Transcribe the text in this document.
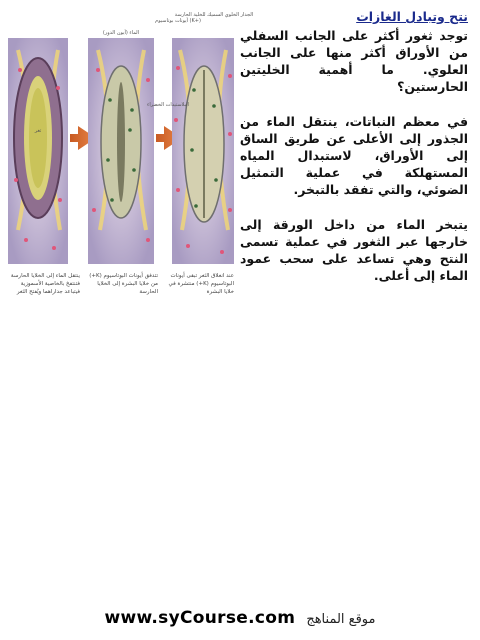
ثغر
الماء (أيون الدور)
أيونات بوتاسيوم (K+)
الجدار الخلوي السميك للخلية الحارسة
البلاستيدات الخضراء
ينتقل الماء إلى الخلايا الحارسة فتنتفخ بالخاصية الأسموزية فيتباعد جداراهما ويُفتح الثغر
تتدفق أيونات البوتاسيوم (K+) من خلايا البشرة إلى الخلايا الحارسة
عند انغلاق الثغر تبقى أيونات البوتاسيوم (K+) منتشرة في خلايا البشرة

نتح وتبادل الغازات

توجد ثغور أكثر على الجانب السفلي من الأوراق أكثر منها على الجانب العلوي. ما أهمية الخليتين الحارستين؟

في معظم النباتات، ينتقل الماء من الجذور إلى الأعلى عن طريق الساق إلى الأوراق، لاستبدال المياه المستهلكة في عملية التمثيل الضوئي، والتي تفقد بالتبخر.

يتبخر الماء من داخل الورقة إلى خارجها عبر الثغور في عملية تسمى النتح وهي تساعد على سحب عمود الماء إلى أعلى.

www.syCourse.com موقع المناهج
